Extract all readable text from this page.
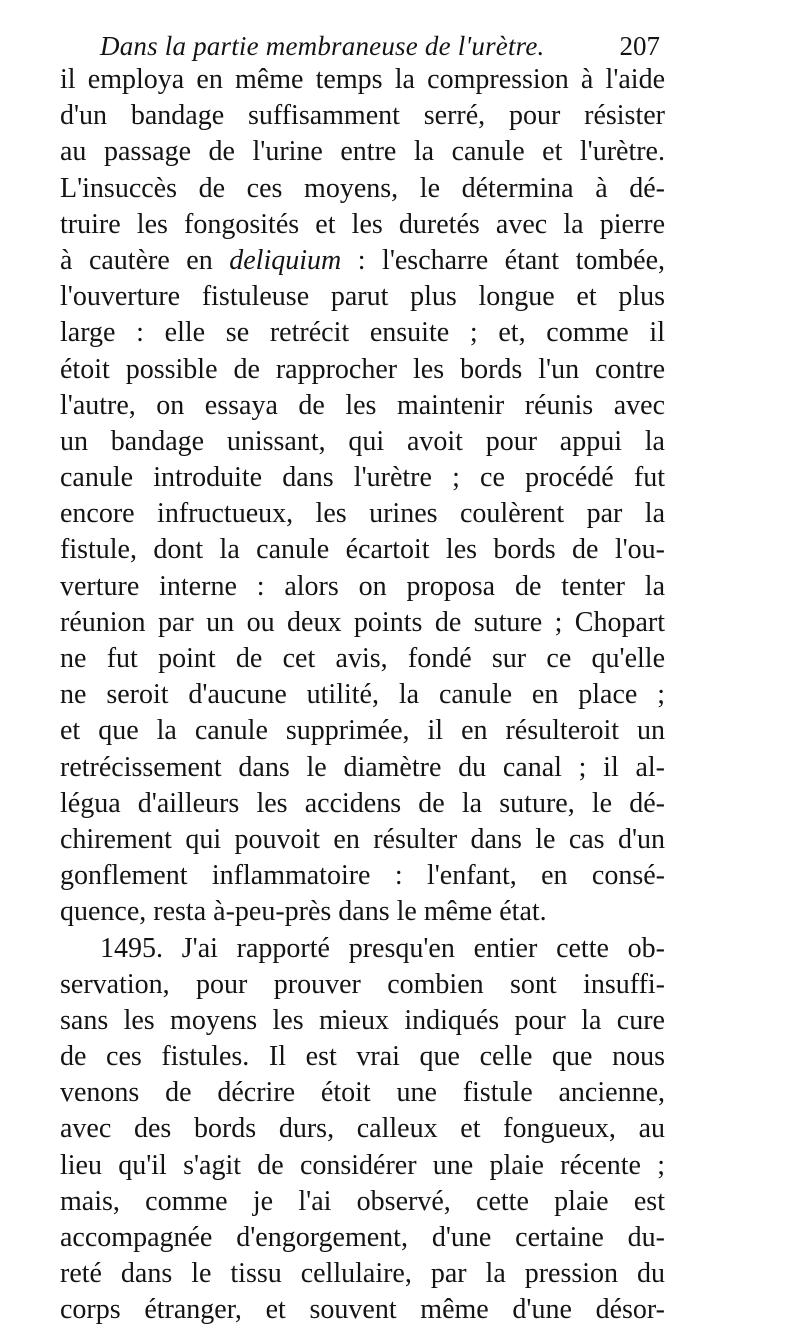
Dans la partie membraneuse de l'urètre.	207
il employa en même temps la compression à l'aide
d'un bandage suffisamment serré, pour résister
au passage de l'urine entre la canule et l'urètre.
L'insuccès de ces moyens, le détermina à dé-
truire les fongosités et les duretés avec la pierre
à cautère en deliquium : l'escharre étant tombée,
l'ouverture fistuleuse parut plus longue et plus
large : elle se retrécit ensuite ; et, comme il
étoit possible de rapprocher les bords l'un contre
l'autre, on essaya de les maintenir réunis avec
un bandage unissant, qui avoit pour appui la
canule introduite dans l'urètre ; ce procédé fut
encore infructueux, les urines coulèrent par la
fistule, dont la canule écartoit les bords de l'ou-
verture interne : alors on proposa de tenter la
réunion par un ou deux points de suture ; Chopart
ne fut point de cet avis, fondé sur ce qu'elle
ne seroit d'aucune utilité, la canule en place ;
et que la canule supprimée, il en résulteroit un
retrécissement dans le diamètre du canal ; il al-
légua d'ailleurs les accidens de la suture, le dé-
chirement qui pouvoit en résulter dans le cas d'un
gonflement inflammatoire : l'enfant, en consé-
quence, resta à-peu-près dans le même état.
1495. J'ai rapporté presqu'en entier cette ob-
servation, pour prouver combien sont insuffi-
sans les moyens les mieux indiqués pour la cure
de ces fistules. Il est vrai que celle que nous
venons de décrire étoit une fistule ancienne,
avec des bords durs, calleux et fongueux, au
lieu qu'il s'agit de considérer une plaie récente ;
mais, comme je l'ai observé, cette plaie est
accompagnée d'engorgement, d'une certaine du-
reté dans le tissu cellulaire, par la pression du
corps étranger, et souvent même d'une désor-
